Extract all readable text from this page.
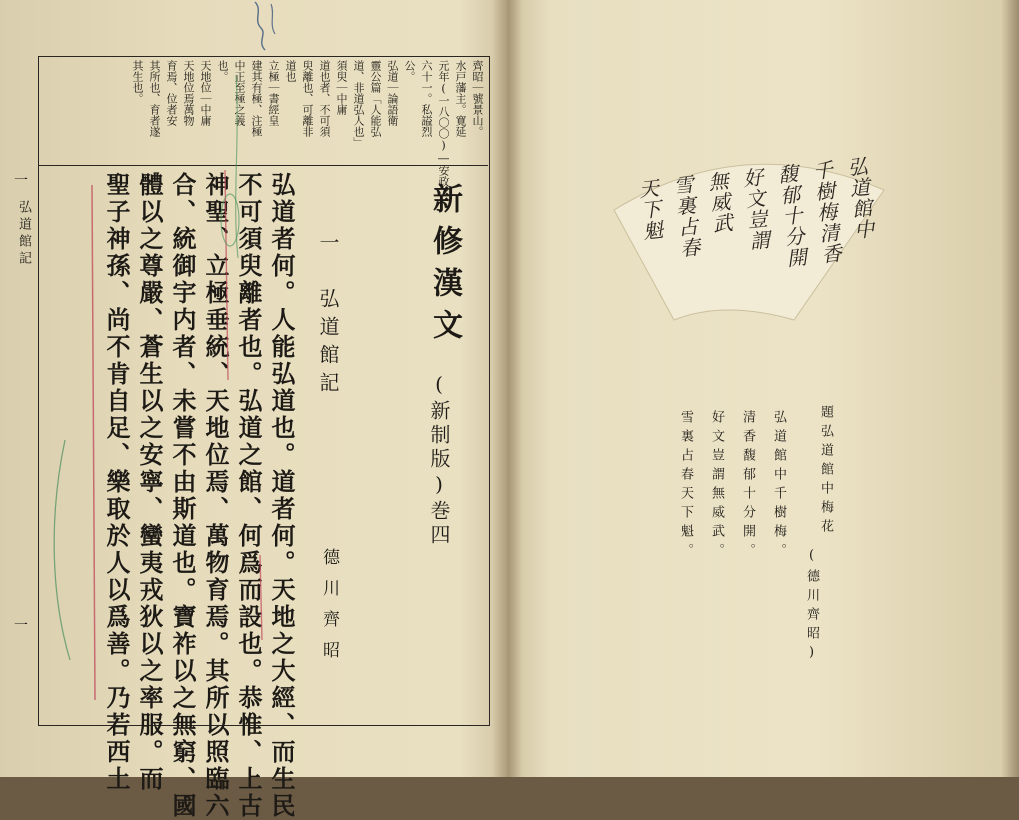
齊昭｜號景山。
水戸藩主。寛延
元年(一八〇〇)―安政
六十一。私謚烈
公。
弘道｜論語衛
靈公篇「人能弘
道、非道弘人也」
須臾｜中庸
道也者、不可須
臾離也、可離非
道也
立極｜書經皇
建其有極、注極
中正至極之義
也。
天地位｜中庸
天地位焉萬物
育焉、位者安
其所也、育者遂
其生也。
新修漢文
(新制版)巻四
一　弘道館記
德川齊昭
弘道者何。人能弘道也。道者何。天地之大經、而生民
不可須臾離者也。弘道之館、何爲而設也。恭惟、上古
神聖、立極垂統、天地位焉、萬物育焉。其所以照臨六
合、統御宇内者、未嘗不由斯道也。寶祚以之無窮、國
體以之尊嚴、蒼生以之安寧、蠻夷戎狄以之率服。而
聖子神孫、尚不肯自足、樂取於人以爲善。乃若西土
弘道館記
一
一
弘道館中
千樹梅清香
馥郁十分開
好文豈謂
無威武
雪裏占春
天下魁
題弘道館中梅花
(德川齊昭)
弘道館中千樹梅。
清香馥郁十分開。
好文豈謂無威武。
雪裏占春天下魁。
